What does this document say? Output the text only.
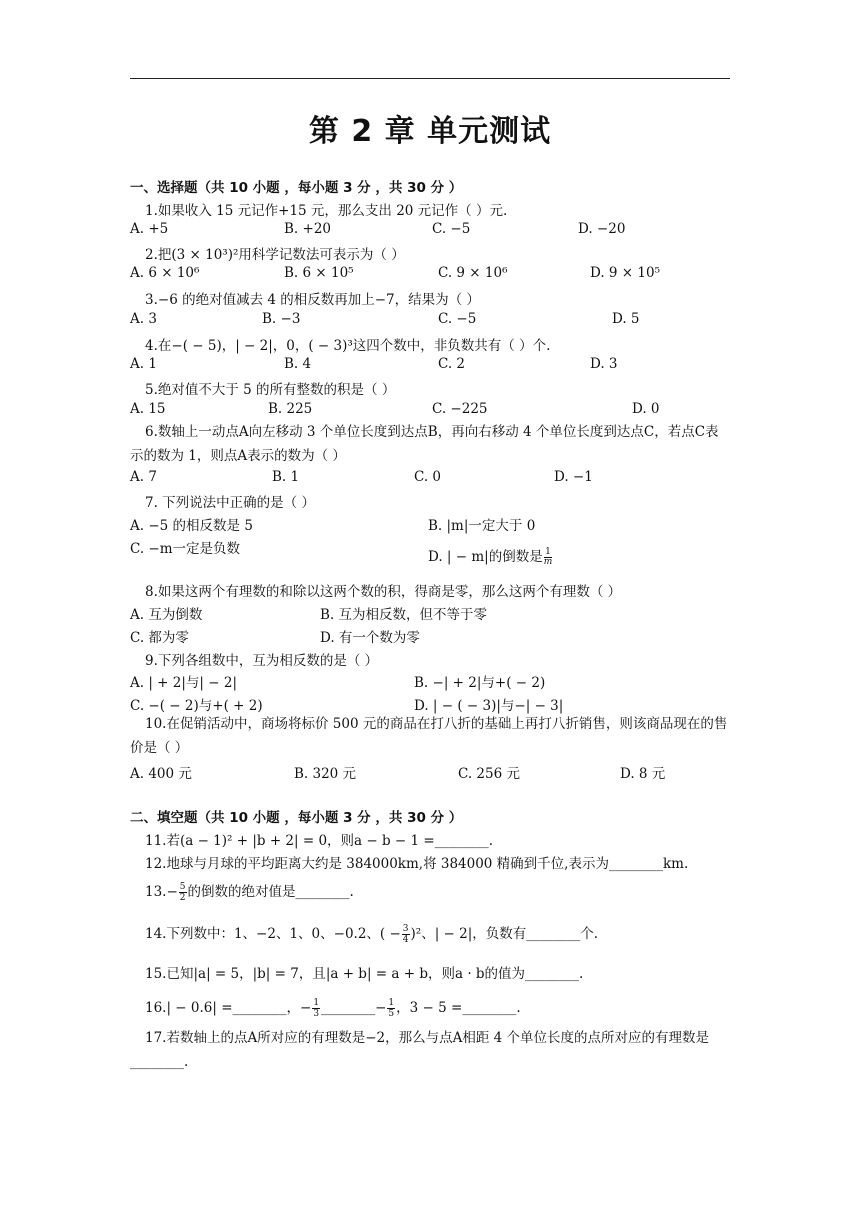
第 2 章 单元测试
一、选择题（共 10 小题 ，每小题 3 分 ，共 30 分 ）
1.如果收入 15 元记作+15 元，那么支出 20 元记作（ ）元.
A. +5	B. +20	C. −5	D. −20
2.把(3 × 10³)²用科学记数法可表示为（ ）
A. 6 × 10⁶	B. 6 × 10⁵	C. 9 × 10⁶	D. 9 × 10⁵
3.−6 的绝对值减去 4 的相反数再加上−7，结果为（ ）
A. 3	B. −3	C. −5	D. 5
4.在−( − 5)，| − 2|，0，( − 3)³这四个数中，非负数共有（ ）个.
A. 1	B. 4	C. 2	D. 3
5.绝对值不大于 5 的所有整数的积是（ ）
A. 15	B. 225	C. −225	D. 0
6.数轴上一动点A向左移动 3 个单位长度到达点B，再向右移动 4 个单位长度到达点C，若点C表示的数为 1，则点A表示的数为（ ）
A. 7	B. 1	C. 0	D. −1
7. 下列说法中正确的是（ ）
A. −5 的相反数是 5	B. |m|一定大于 0
C. −m一定是负数	D. | − m|的倒数是 $\frac{1}{m}$
8.如果这两个有理数的和除以这两个数的积，得商是零，那么这两个有理数（ ）
A. 互为倒数	B. 互为相反数，但不等于零
C. 都为零	D. 有一个数为零
9.下列各组数中，互为相反数的是（ ）
A. | + 2|与| − 2|	B. −| + 2|与+( − 2)
C. −( − 2)与+( + 2)	D. | − ( − 3)|与−| − 3|
10.在促销活动中，商场将标价 500 元的商品在打八折的基础上再打八折销售，则该商品现在的售价是（ ）
A. 400 元	B. 320 元	C. 256 元	D. 8 元
二、填空题（共 10 小题 ，每小题 3 分 ，共 30 分 ）
11.若(a − 1)² + |b + 2| = 0，则a − b − 1 =________.
12.地球与月球的平均距离大约是 384000km,将 384000 精确到千位,表示为________km.
$13.- \frac{5}{2}$ 的倒数的绝对值是________.
14.下列数中：1、−2、1、0、−0.2、( − $\frac{3}{4} )^2$、| − 2|，负数有________个.
15.已知|a| = 5，|b| = 7，且|a + b| = a + b，则a · b的值为________.
16.| − 0.6| =________，− $\frac{1}{3}$ ________− $\frac{1}{5}$ ，3 − 5 =________.
17.若数轴上的点A所对应的有理数是−2，那么与点A相距 4 个单位长度的点所对应的有理数是________.
